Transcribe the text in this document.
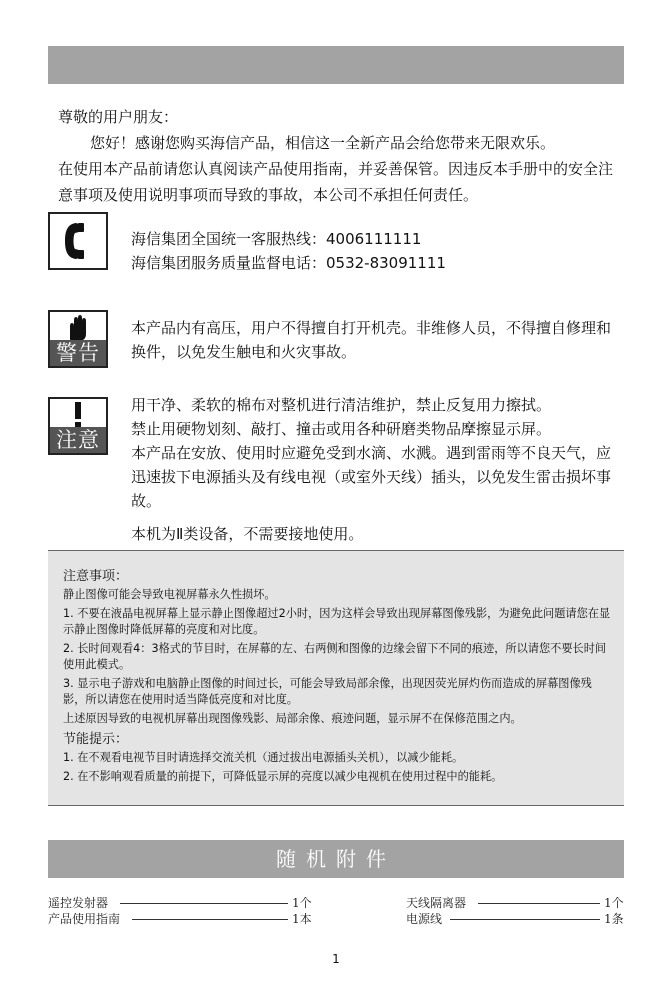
尊敬的用户朋友：

您好！感谢您购买海信产品，相信这一全新产品会给您带来无限欢乐。

在使用本产品前请您认真阅读产品使用指南，并妥善保管。因违反本手册中的安全注意事项及使用说明事项而导致的事故，本公司不承担任何责任。

海信集团全国统一客服热线：4006111111

海信集团服务质量监督电话：0532-83091111

警告

本产品内有高压，用户不得擅自打开机壳。非维修人员，不得擅自修理和换件，以免发生触电和火灾事故。

注意

用干净、柔软的棉布对整机进行清洁维护，禁止反复用力擦拭。

禁止用硬物划刻、敲打、撞击或用各种研磨类物品摩擦显示屏。

本产品在安放、使用时应避免受到水滴、水溅。遇到雷雨等不良天气，应迅速拔下电源插头及有线电视（或室外天线）插头，以免发生雷击损坏事故。

本机为Ⅱ类设备，不需要接地使用。

注意事项：
静止图像可能会导致电视屏幕永久性损坏。
1. 不要在液晶电视屏幕上显示静止图像超过2小时，因为这样会导致出现屏幕图像残影，为避免此问题请您在显示静止图像时降低屏幕的亮度和对比度。
2. 长时间观看4：3格式的节目时，在屏幕的左、右两侧和图像的边缘会留下不同的痕迹，所以请您不要长时间使用此模式。
3. 显示电子游戏和电脑静止图像的时间过长，可能会导致局部余像，出现因荧光屏灼伤而造成的屏幕图像残影，所以请您在使用时适当降低亮度和对比度。
上述原因导致的电视机屏幕出现图像残影、局部余像、痕迹问题，显示屏不在保修范围之内。
节能提示：
1. 在不观看电视节目时请选择交流关机（通过拔出电源插头关机），以减少能耗。
2. 在不影响观看质量的前提下，可降低显示屏的亮度以减少电视机在使用过程中的能耗。
随机附件
遥控发射器	1个
产品使用指南	1本
天线隔离器	1个
电源线	1条
1
